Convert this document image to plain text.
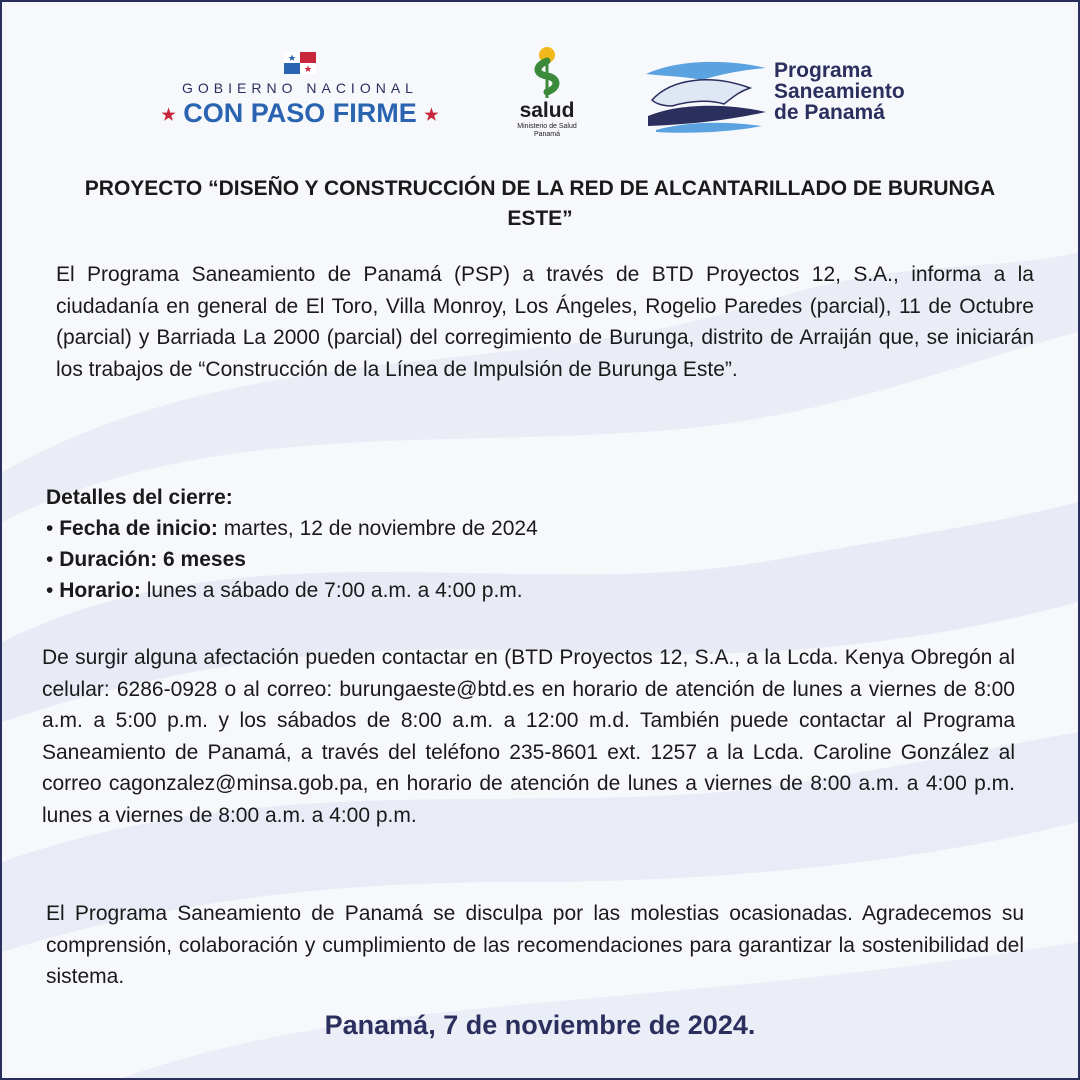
GOBIERNO NACIONAL
★ CON PASO FIRME ★	salud
Ministerio de Salud
Panamá
Programa
Saneamiento
de Panamá
PROYECTO “DISEÑO Y CONSTRUCCIÓN DE LA RED DE ALCANTARILLADO DE BURUNGA ESTE”
El Programa Saneamiento de Panamá (PSP) a través de BTD Proyectos 12, S.A., informa a la ciudadanía en general de El Toro, Villa Monroy, Los Ángeles, Rogelio Paredes (parcial), 11 de Octubre (parcial) y Barriada La 2000 (parcial) del corregimiento de Burunga, distrito de Arraiján que, se iniciarán los trabajos de “Construcción de la Línea de Impulsión de Burunga Este”.
Detalles del cierre:
• Fecha de inicio: martes, 12 de noviembre de 2024
• Duración: 6 meses
• Horario: lunes a sábado de 7:00 a.m. a 4:00 p.m.
De surgir alguna afectación pueden contactar en (BTD Proyectos 12, S.A., a la Lcda. Kenya Obregón al celular: 6286-0928 o al correo: burungaeste@btd.es en horario de atención de lunes a viernes de 8:00 a.m. a 5:00 p.m. y los sábados de 8:00 a.m. a 12:00 m.d. También puede contactar al Programa Saneamiento de Panamá, a través del teléfono 235-8601 ext. 1257 a la Lcda. Caroline González al correo cagonzalez@minsa.gob.pa, en horario de atención de lunes a viernes de 8:00 a.m. a 4:00 p.m. lunes a viernes de 8:00 a.m. a 4:00 p.m.
El Programa Saneamiento de Panamá se disculpa por las molestias ocasionadas. Agradecemos su comprensión, colaboración y cumplimiento de las recomendaciones para garantizar la sostenibilidad del sistema.
Panamá, 7 de noviembre de 2024.
